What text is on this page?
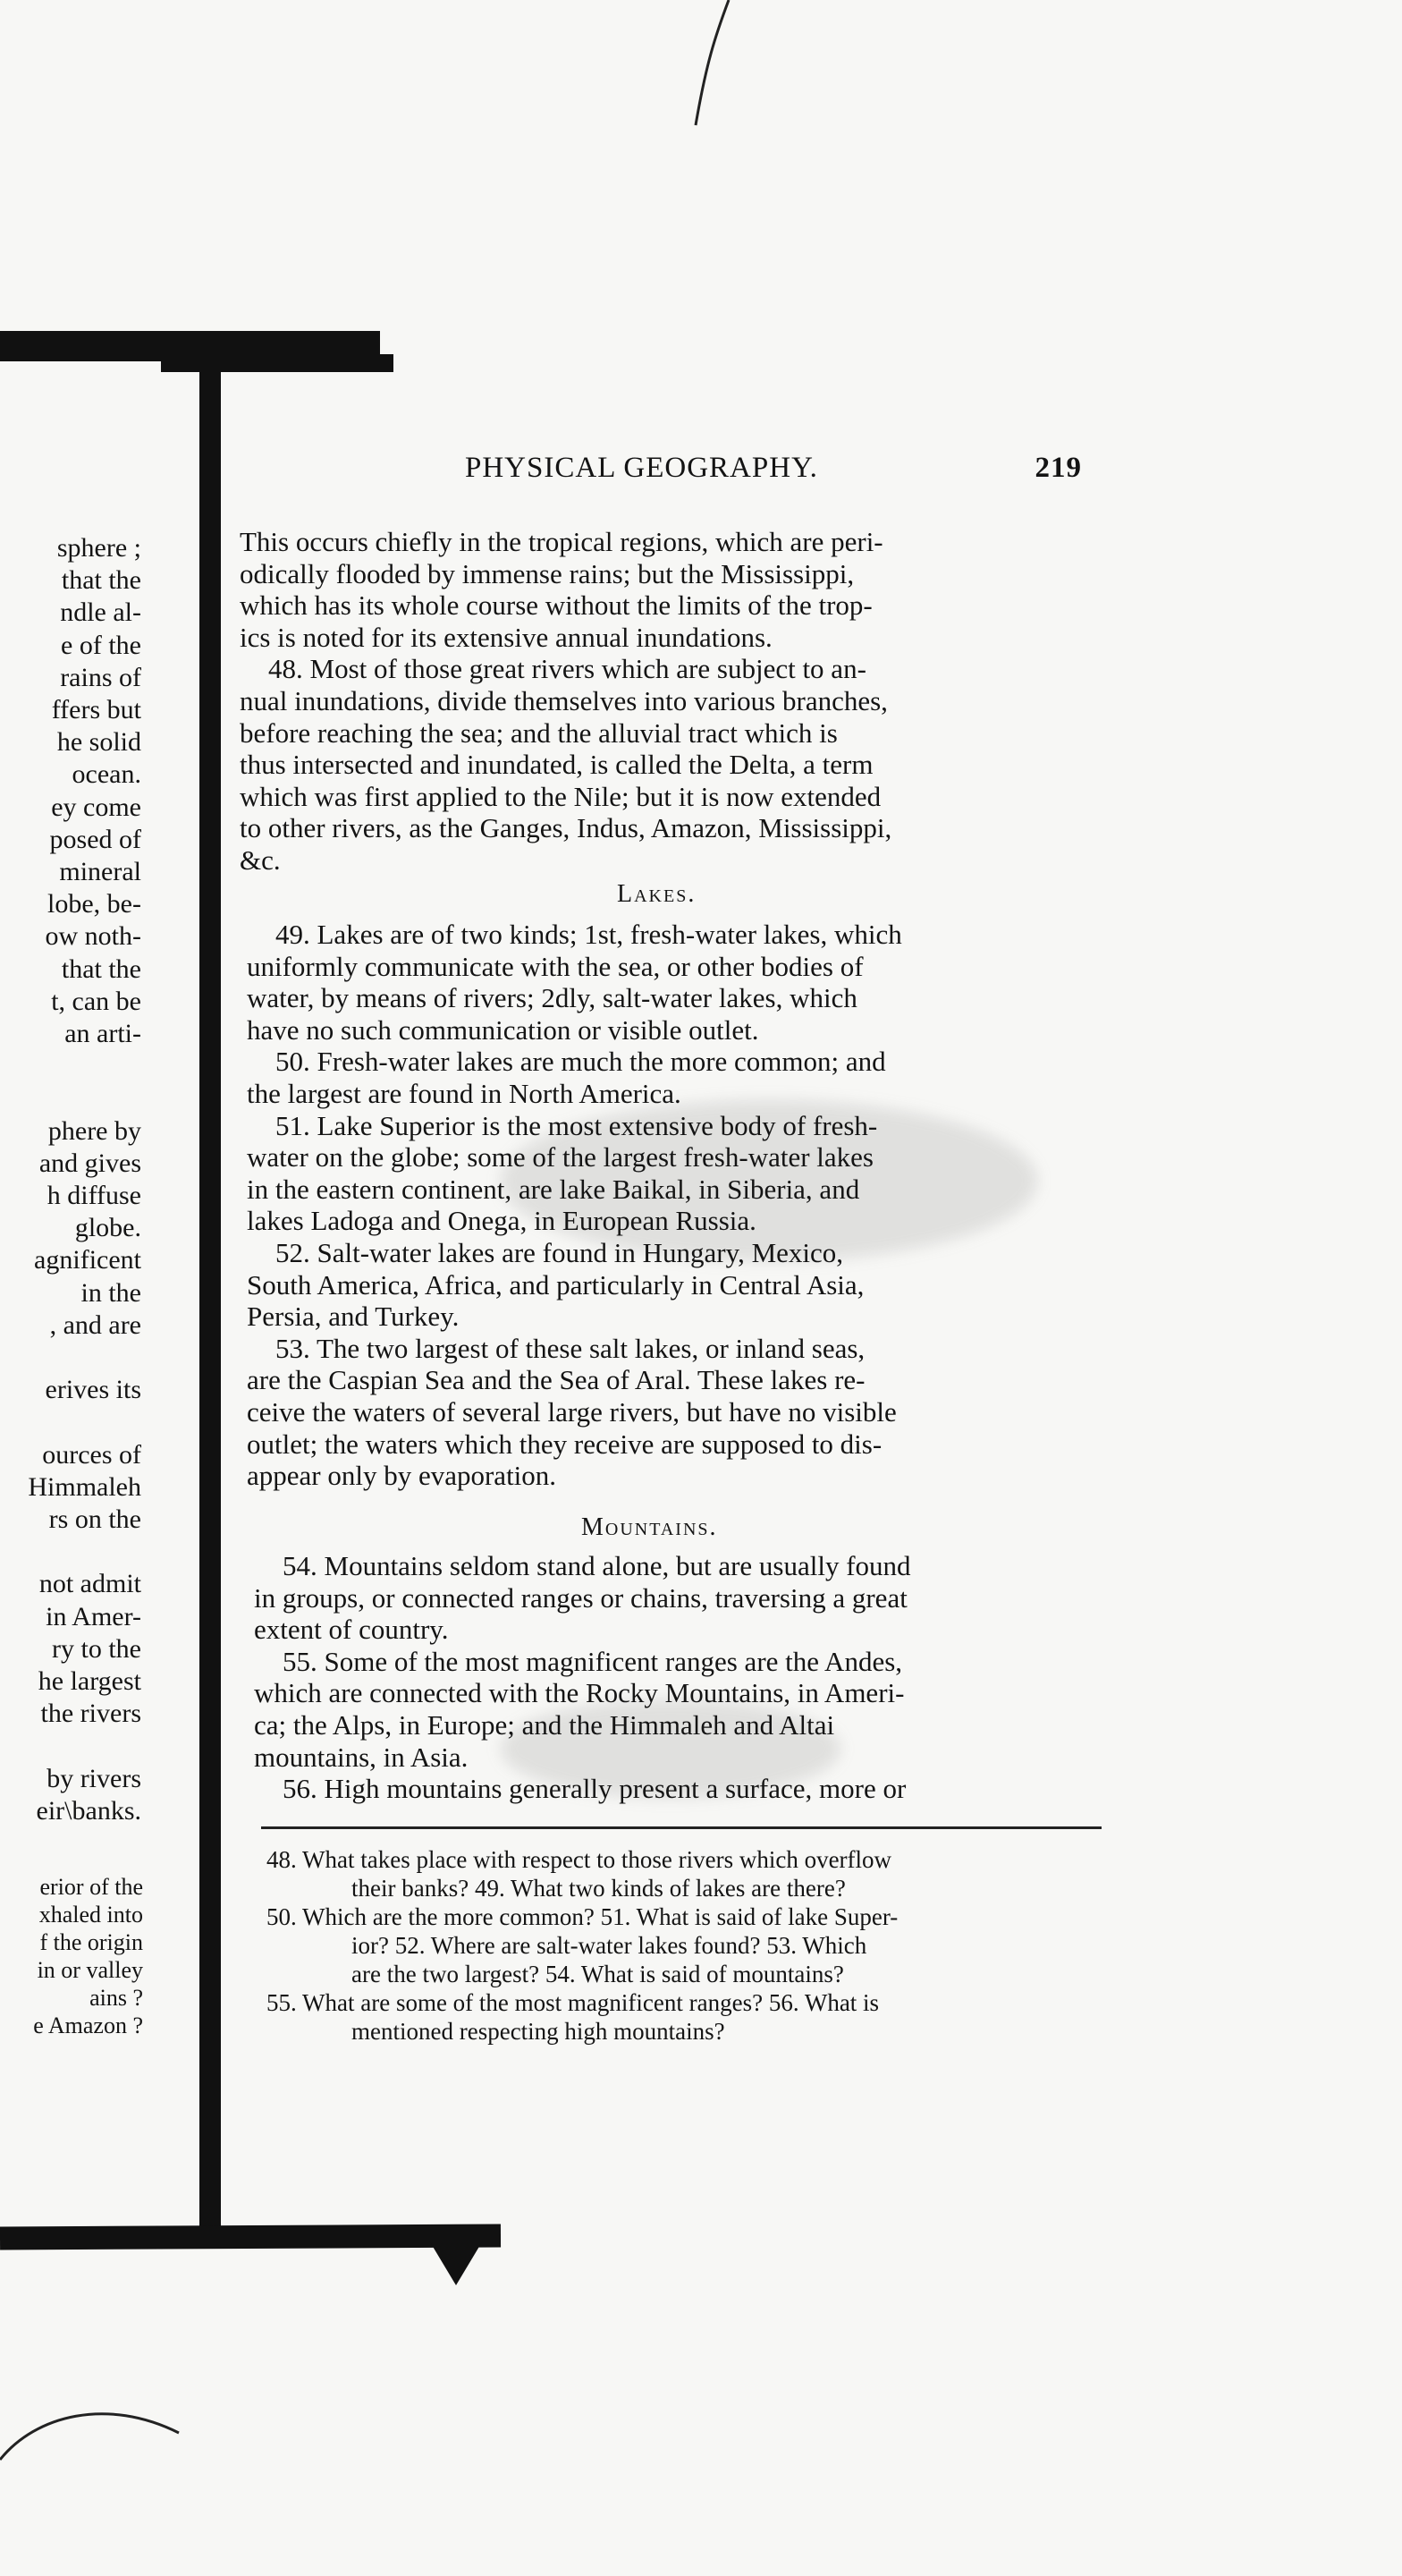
sphere ;
that the
ndle al-
e of the
rains of
ffers but
he solid
ocean.
ey come
posed of
mineral
lobe, be-
ow noth-
that the
t, can be
an arti-
phere by
and gives
h diffuse
globe.
agnificent
in the
, and are
erives its
ources of
Himmaleh
rs on the
not admit
in Amer-
ry to the
he largest
the rivers
by rivers
eir\banks.
erior of the
xhaled into
f the origin
in or valley
ains ?
e Amazon ?
PHYSICAL GEOGRAPHY.	219
This occurs chiefly in the tropical regions, which are peri-
odically flooded by immense rains; but the Mississippi,
which has its whole course without the limits of the trop-
ics is noted for its extensive annual inundations.
48. Most of those great rivers which are subject to an-
nual inundations, divide themselves into various branches,
before reaching the sea; and the alluvial tract which is
thus intersected and inundated, is called the Delta, a term
which was first applied to the Nile; but it is now extended
to other rivers, as the Ganges, Indus, Amazon, Mississippi,
&c.
Lakes.
49. Lakes are of two kinds; 1st, fresh-water lakes, which
uniformly communicate with the sea, or other bodies of
water, by means of rivers; 2dly, salt-water lakes, which
have no such communication or visible outlet.
50. Fresh-water lakes are much the more common; and
the largest are found in North America.
51. Lake Superior is the most extensive body of fresh-
water on the globe; some of the largest fresh-water lakes
in the eastern continent, are lake Baikal, in Siberia, and
lakes Ladoga and Onega, in European Russia.
52. Salt-water lakes are found in Hungary, Mexico,
South America, Africa, and particularly in Central Asia,
Persia, and Turkey.
53. The two largest of these salt lakes, or inland seas,
are the Caspian Sea and the Sea of Aral. These lakes re-
ceive the waters of several large rivers, but have no visible
outlet; the waters which they receive are supposed to dis-
appear only by evaporation.
Mountains.
54. Mountains seldom stand alone, but are usually found
in groups, or connected ranges or chains, traversing a great
extent of country.
55. Some of the most magnificent ranges are the Andes,
which are connected with the Rocky Mountains, in Ameri-
ca; the Alps, in Europe; and the Himmaleh and Altai
mountains, in Asia.
56. High mountains generally present a surface, more or
48. What takes place with respect to those rivers which overflow
their banks? 49. What two kinds of lakes are there?
50. Which are the more common? 51. What is said of lake Super-
ior? 52. Where are salt-water lakes found? 53. Which
are the two largest? 54. What is said of mountains?
55. What are some of the most magnificent ranges? 56. What is
mentioned respecting high mountains?
